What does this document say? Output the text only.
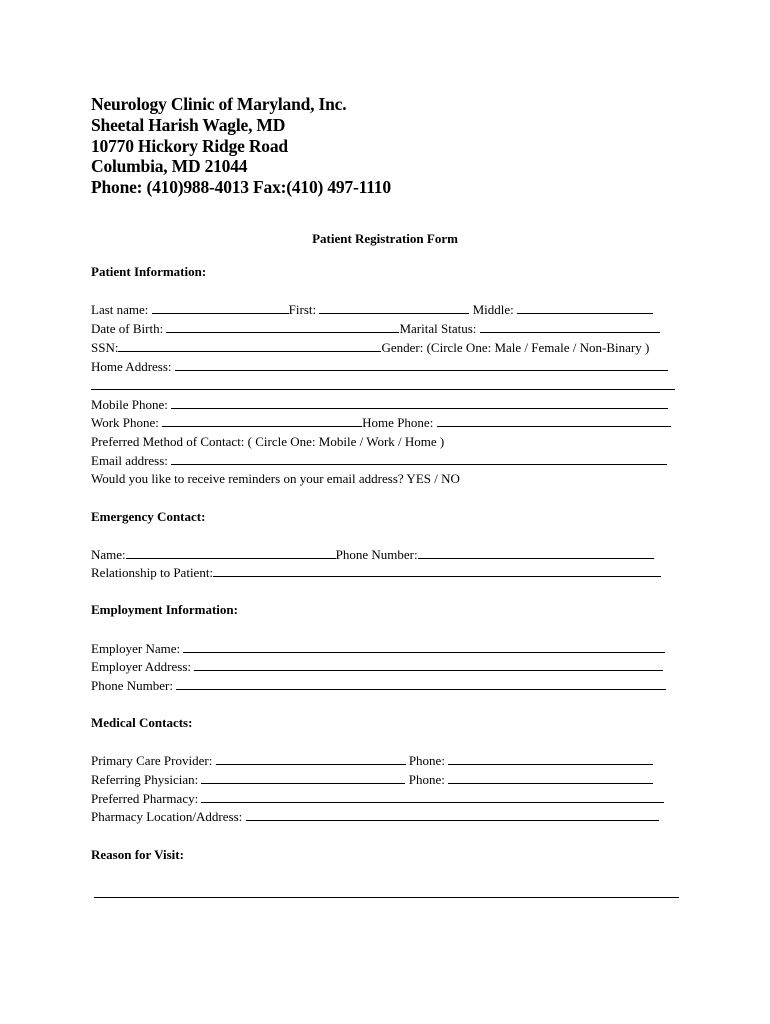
Neurology Clinic of Maryland, Inc.
Sheetal Harish Wagle, MD
10770 Hickory Ridge Road
Columbia, MD 21044
Phone: (410)988-4013 Fax:(410) 497-1110
Patient Registration Form
Patient Information:
Last name:	First:	Middle:
Date of Birth:	Marital Status:
SSN:	Gender: (Circle One: Male / Female / Non-Binary )
Home Address:
Mobile Phone:
Work Phone:	Home Phone:
Preferred Method of Contact: ( Circle One: Mobile / Work / Home )
Email address:
Would you like to receive reminders on your email address? YES / NO
Emergency Contact:
Name:	Phone Number:
Relationship to Patient:
Employment Information:
Employer Name:
Employer Address:
Phone Number:
Medical Contacts:
Primary Care Provider:	Phone:
Referring Physician:	Phone:
Preferred Pharmacy:
Pharmacy Location/Address:
Reason for Visit:
